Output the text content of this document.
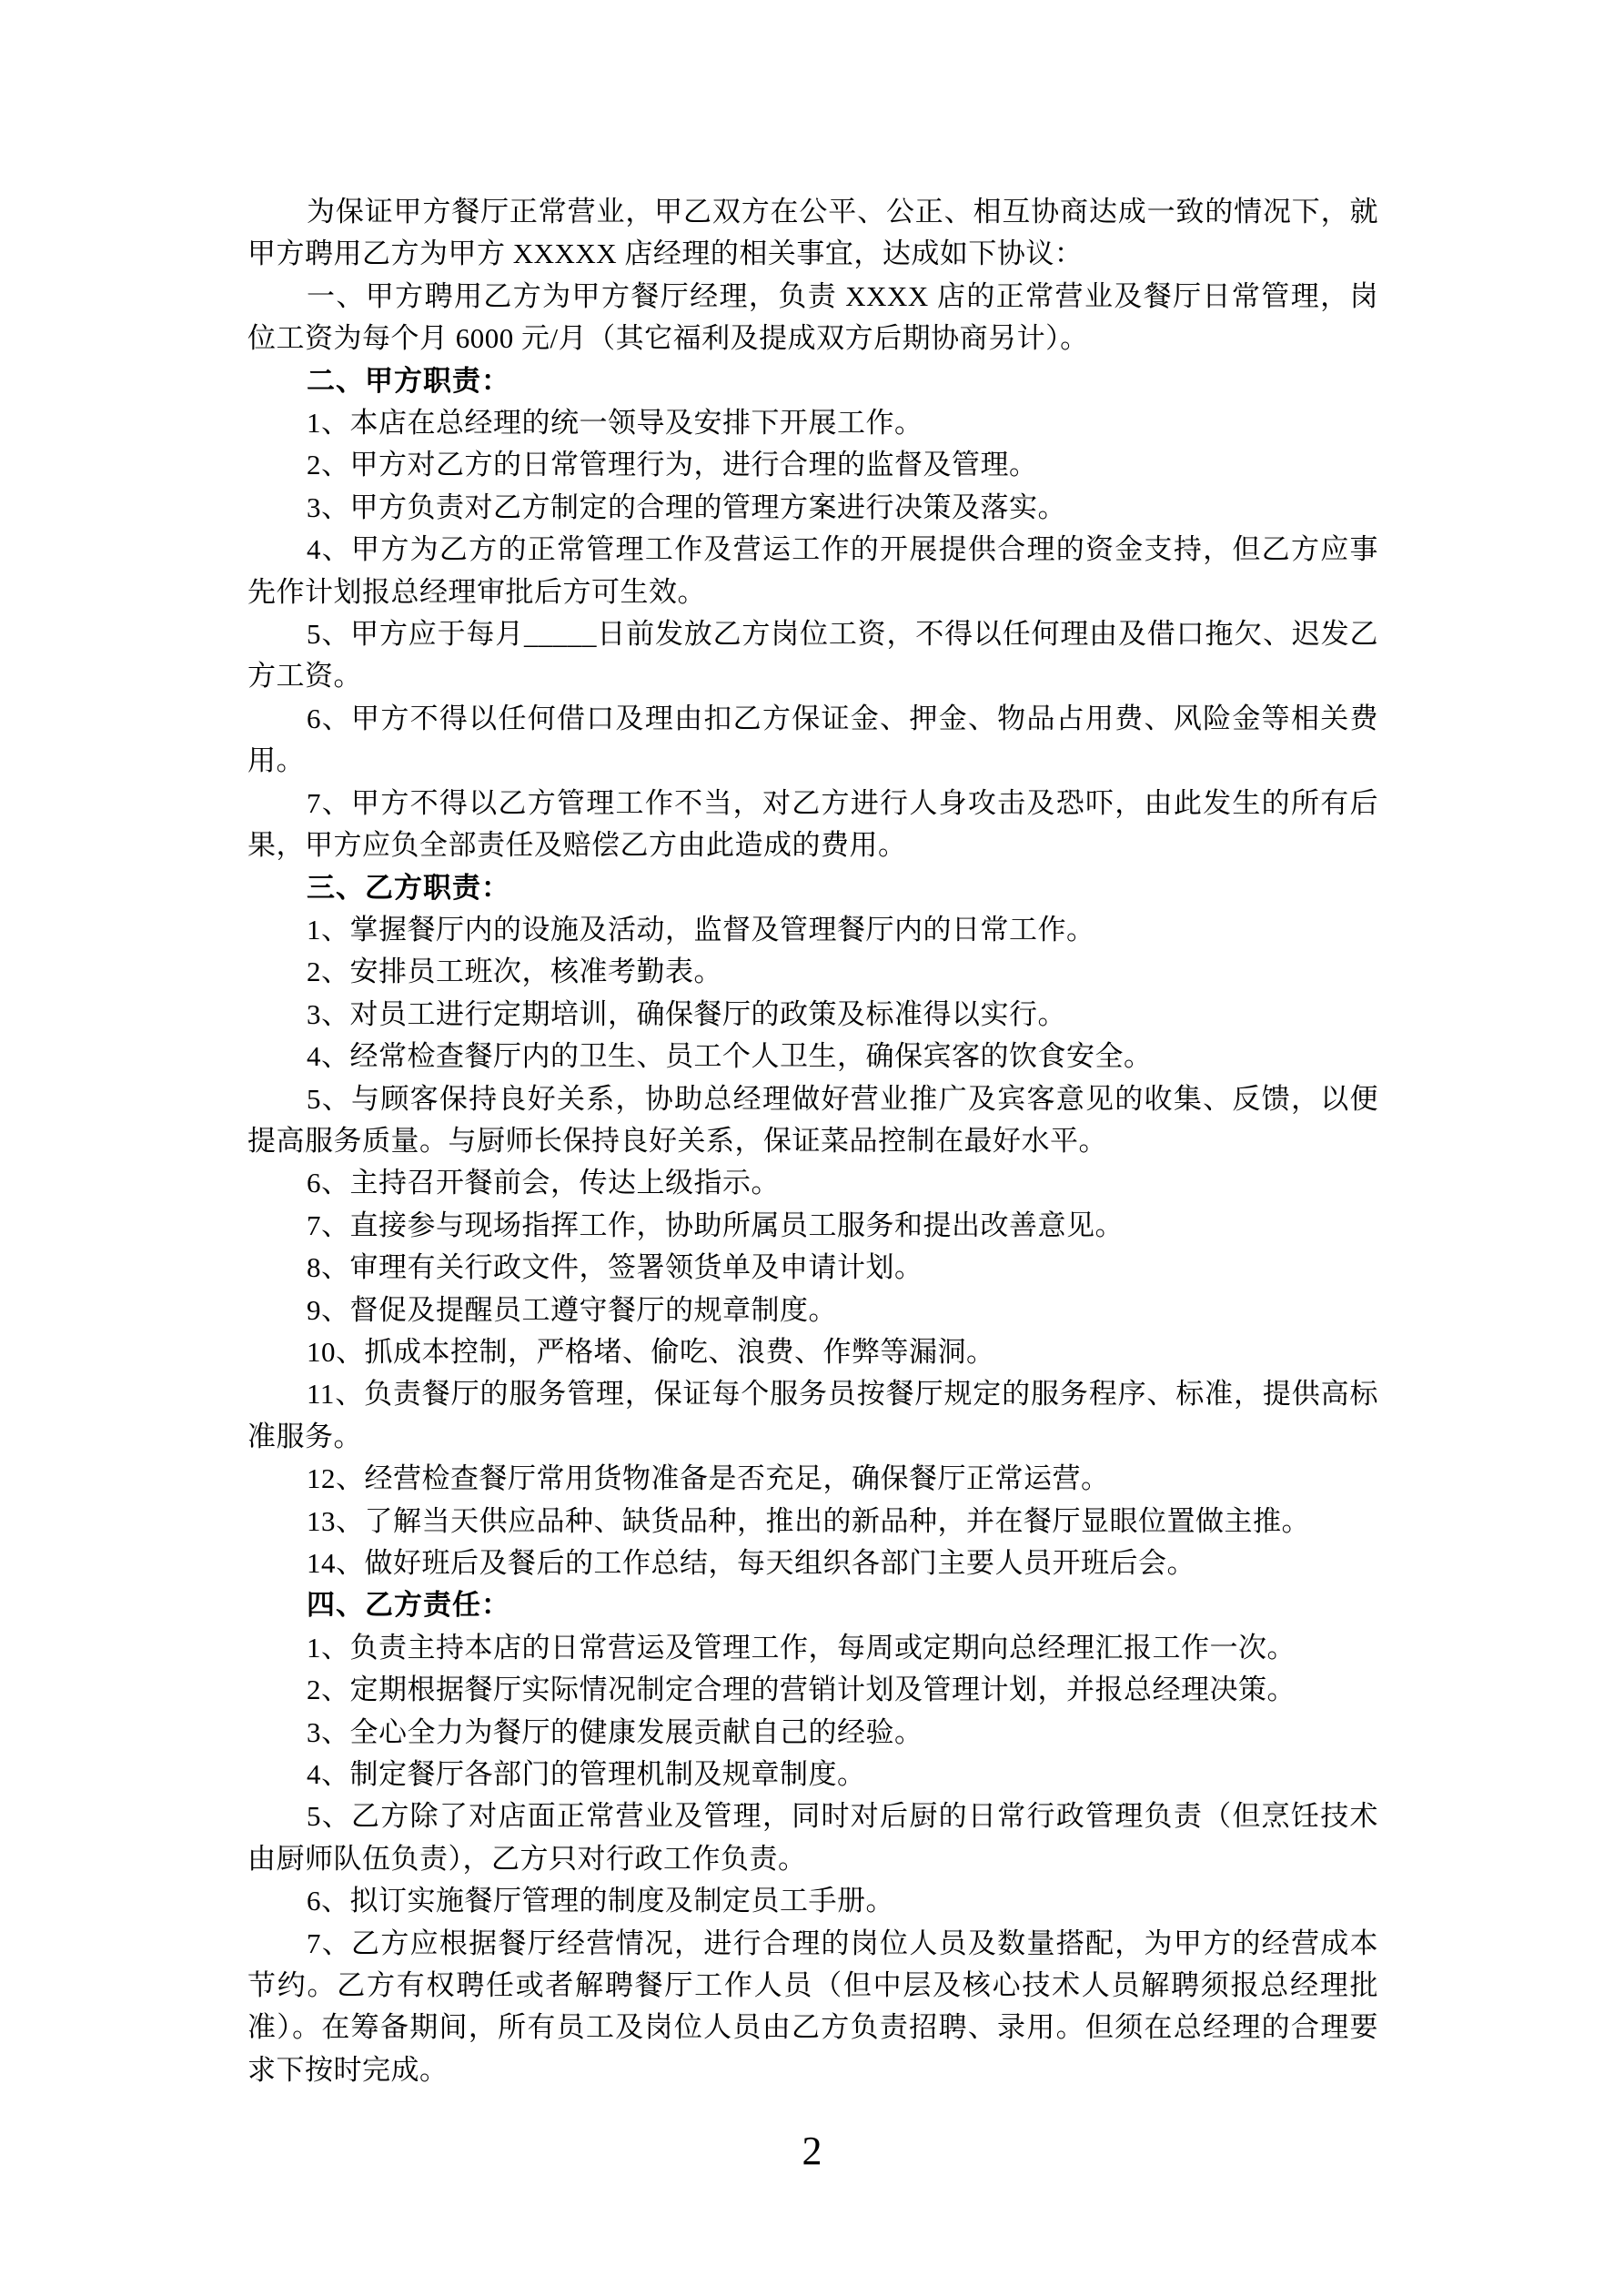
为保证甲方餐厅正常营业，甲乙双方在公平、公正、相互协商达成一致的情况下，就甲方聘用乙方为甲方 XXXXX 店经理的相关事宜，达成如下协议：

一、甲方聘用乙方为甲方餐厅经理，负责 XXXX 店的正常营业及餐厅日常管理，岗位工资为每个月 6000 元/月（其它福利及提成双方后期协商另计）。

二、甲方职责：

1、本店在总经理的统一领导及安排下开展工作。

2、甲方对乙方的日常管理行为，进行合理的监督及管理。

3、甲方负责对乙方制定的合理的管理方案进行决策及落实。

4、甲方为乙方的正常管理工作及营运工作的开展提供合理的资金支持，但乙方应事先作计划报总经理审批后方可生效。

5、甲方应于每月_____日前发放乙方岗位工资，不得以任何理由及借口拖欠、迟发乙方工资。

6、甲方不得以任何借口及理由扣乙方保证金、押金、物品占用费、风险金等相关费用。

7、甲方不得以乙方管理工作不当，对乙方进行人身攻击及恐吓，由此发生的所有后果，甲方应负全部责任及赔偿乙方由此造成的费用。

三、乙方职责：

1、掌握餐厅内的设施及活动，监督及管理餐厅内的日常工作。

2、安排员工班次，核准考勤表。

3、对员工进行定期培训，确保餐厅的政策及标准得以实行。

4、经常检查餐厅内的卫生、员工个人卫生，确保宾客的饮食安全。

5、与顾客保持良好关系，协助总经理做好营业推广及宾客意见的收集、反馈，以便提高服务质量。与厨师长保持良好关系，保证菜品控制在最好水平。

6、主持召开餐前会，传达上级指示。

7、直接参与现场指挥工作，协助所属员工服务和提出改善意见。

8、审理有关行政文件，签署领货单及申请计划。

9、督促及提醒员工遵守餐厅的规章制度。

10、抓成本控制，严格堵、偷吃、浪费、作弊等漏洞。

11、负责餐厅的服务管理，保证每个服务员按餐厅规定的服务程序、标准，提供高标准服务。

12、经营检查餐厅常用货物准备是否充足，确保餐厅正常运营。

13、了解当天供应品种、缺货品种，推出的新品种，并在餐厅显眼位置做主推。

14、做好班后及餐后的工作总结，每天组织各部门主要人员开班后会。

四、乙方责任：

1、负责主持本店的日常营运及管理工作，每周或定期向总经理汇报工作一次。

2、定期根据餐厅实际情况制定合理的营销计划及管理计划，并报总经理决策。

3、全心全力为餐厅的健康发展贡献自己的经验。

4、制定餐厅各部门的管理机制及规章制度。

5、乙方除了对店面正常营业及管理，同时对后厨的日常行政管理负责（但烹饪技术由厨师队伍负责），乙方只对行政工作负责。

6、拟订实施餐厅管理的制度及制定员工手册。

7、乙方应根据餐厅经营情况，进行合理的岗位人员及数量搭配，为甲方的经营成本节约。乙方有权聘任或者解聘餐厅工作人员（但中层及核心技术人员解聘须报总经理批准）。在筹备期间，所有员工及岗位人员由乙方负责招聘、录用。但须在总经理的合理要求下按时完成。

2
